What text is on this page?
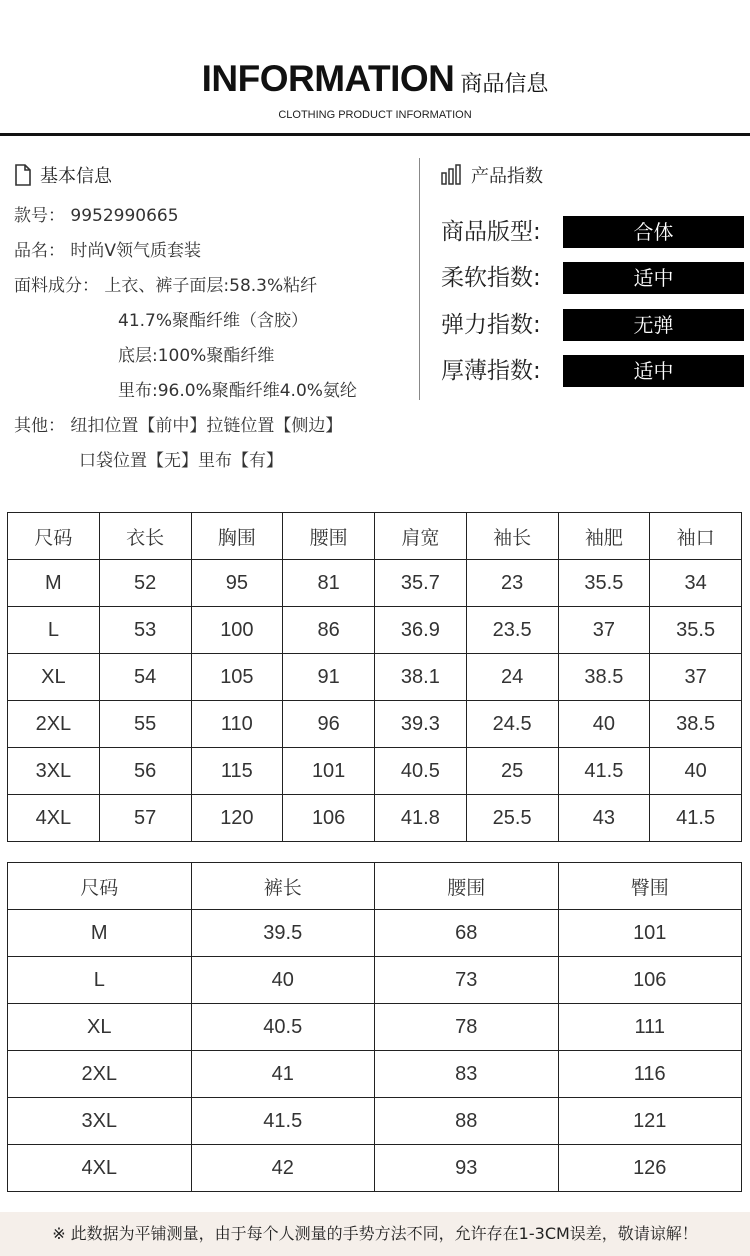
INFORMATION 商品信息
CLOTHING PRODUCT INFORMATION
基本信息
款号： 9952990665
品名： 时尚V领气质套装
面料成分： 上衣、裤子面层:58.3%粘纤
41.7%聚酯纤维（含胶）
底层:100%聚酯纤维
里布:96.0%聚酯纤维4.0%氨纶
其他： 纽扣位置【前中】拉链位置【侧边】
口袋位置【无】里布【有】
产品指数
商品版型:	合体
柔软指数:	适中
弹力指数:	无弹
厚薄指数:	适中
尺码	衣长	胸围	腰围	肩宽	袖长	袖肥	袖口
M	52	95	81	35.7	23	35.5	34
L	53	100	86	36.9	23.5	37	35.5
XL	54	105	91	38.1	24	38.5	37
2XL	55	110	96	39.3	24.5	40	38.5
3XL	56	115	101	40.5	25	41.5	40
4XL	57	120	106	41.8	25.5	43	41.5
尺码	裤长	腰围	臀围
M	39.5	68	101
L	40	73	106
XL	40.5	78	111
2XL	41	83	116
3XL	41.5	88	121
4XL	42	93	126
※ 此数据为平铺测量，由于每个人测量的手势方法不同，允许存在1-3CM误差，敬请谅解！
